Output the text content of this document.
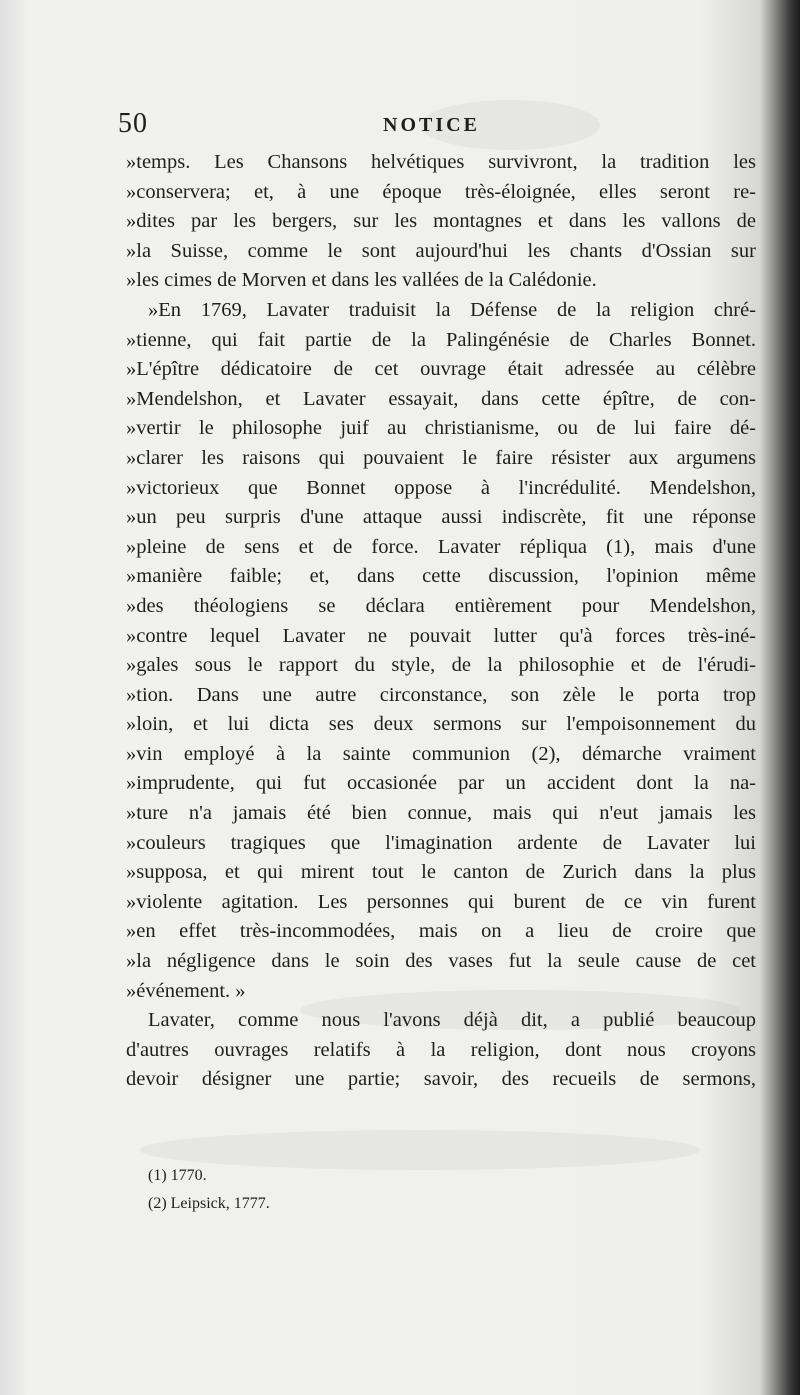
50	NOTICE

»temps. Les Chansons helvétiques survivront, la tradition les
»conservera; et, à une époque très-éloignée, elles seront re-
»dites par les bergers, sur les montagnes et dans les vallons de
»la Suisse, comme le sont aujourd'hui les chants d'Ossian sur
»les cimes de Morven et dans les vallées de la Calédonie.

»En 1769, Lavater traduisit la Défense de la religion chré-
»tienne, qui fait partie de la Palingénésie de Charles Bonnet.
»L'épître dédicatoire de cet ouvrage était adressée au célèbre
»Mendelshon, et Lavater essayait, dans cette épître, de con-
»vertir le philosophe juif au christianisme, ou de lui faire dé-
»clarer les raisons qui pouvaient le faire résister aux argumens
»victorieux que Bonnet oppose à l'incrédulité. Mendelshon,
»un peu surpris d'une attaque aussi indiscrète, fit une réponse
»pleine de sens et de force. Lavater répliqua (1), mais d'une
»manière faible; et, dans cette discussion, l'opinion même
»des théologiens se déclara entièrement pour Mendelshon,
»contre lequel Lavater ne pouvait lutter qu'à forces très-iné-
»gales sous le rapport du style, de la philosophie et de l'érudi-
»tion. Dans une autre circonstance, son zèle le porta trop
»loin, et lui dicta ses deux sermons sur l'empoisonnement du
»vin employé à la sainte communion (2), démarche vraiment
»imprudente, qui fut occasionée par un accident dont la na-
»ture n'a jamais été bien connue, mais qui n'eut jamais les
»couleurs tragiques que l'imagination ardente de Lavater lui
»supposa, et qui mirent tout le canton de Zurich dans la plus
»violente agitation. Les personnes qui burent de ce vin furent
»en effet très-incommodées, mais on a lieu de croire que
»la négligence dans le soin des vases fut la seule cause de cet
»événement. »

Lavater, comme nous l'avons déjà dit, a publié beaucoup
d'autres ouvrages relatifs à la religion, dont nous croyons
devoir désigner une partie; savoir, des recueils de sermons,

(1) 1770.
(2) Leipsick, 1777.
